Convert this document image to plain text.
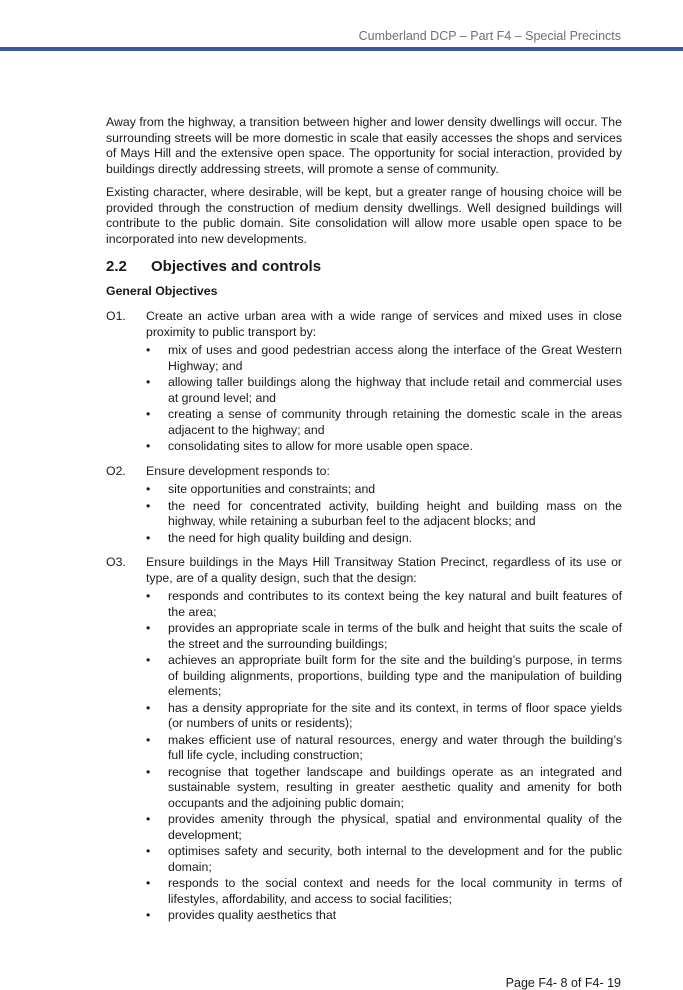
Cumberland DCP – Part F4 – Special Precincts

Away from the highway, a transition between higher and lower density dwellings will occur. The surrounding streets will be more domestic in scale that easily accesses the shops and services of Mays Hill and the extensive open space. The opportunity for social interaction, provided by buildings directly addressing streets, will promote a sense of community.

Existing character, where desirable, will be kept, but a greater range of housing choice will be provided through the construction of medium density dwellings. Well designed buildings will contribute to the public domain. Site consolidation will allow more usable open space to be incorporated into new developments.

2.2 Objectives and controls
General Objectives
O1. Create an active urban area with a wide range of services and mixed uses in close proximity to public transport by:
• mix of uses and good pedestrian access along the interface of the Great Western Highway; and
• allowing taller buildings along the highway that include retail and commercial uses at ground level; and
• creating a sense of community through retaining the domestic scale in the areas adjacent to the highway; and
• consolidating sites to allow for more usable open space.
O2. Ensure development responds to:
• site opportunities and constraints; and
• the need for concentrated activity, building height and building mass on the highway, while retaining a suburban feel to the adjacent blocks; and
• the need for high quality building and design.
O3. Ensure buildings in the Mays Hill Transitway Station Precinct, regardless of its use or type, are of a quality design, such that the design:
• responds and contributes to its context being the key natural and built features of the area;
• provides an appropriate scale in terms of the bulk and height that suits the scale of the street and the surrounding buildings;
• achieves an appropriate built form for the site and the building’s purpose, in terms of building alignments, proportions, building type and the manipulation of building elements;
• has a density appropriate for the site and its context, in terms of floor space yields (or numbers of units or residents);
• makes efficient use of natural resources, energy and water through the building’s full life cycle, including construction;
• recognise that together landscape and buildings operate as an integrated and sustainable system, resulting in greater aesthetic quality and amenity for both occupants and the adjoining public domain;
• provides amenity through the physical, spatial and environmental quality of the development;
• optimises safety and security, both internal to the development and for the public domain;
• responds to the social context and needs for the local community in terms of lifestyles, affordability, and access to social facilities;
• provides quality aesthetics that
Page F4- 8 of F4- 19
